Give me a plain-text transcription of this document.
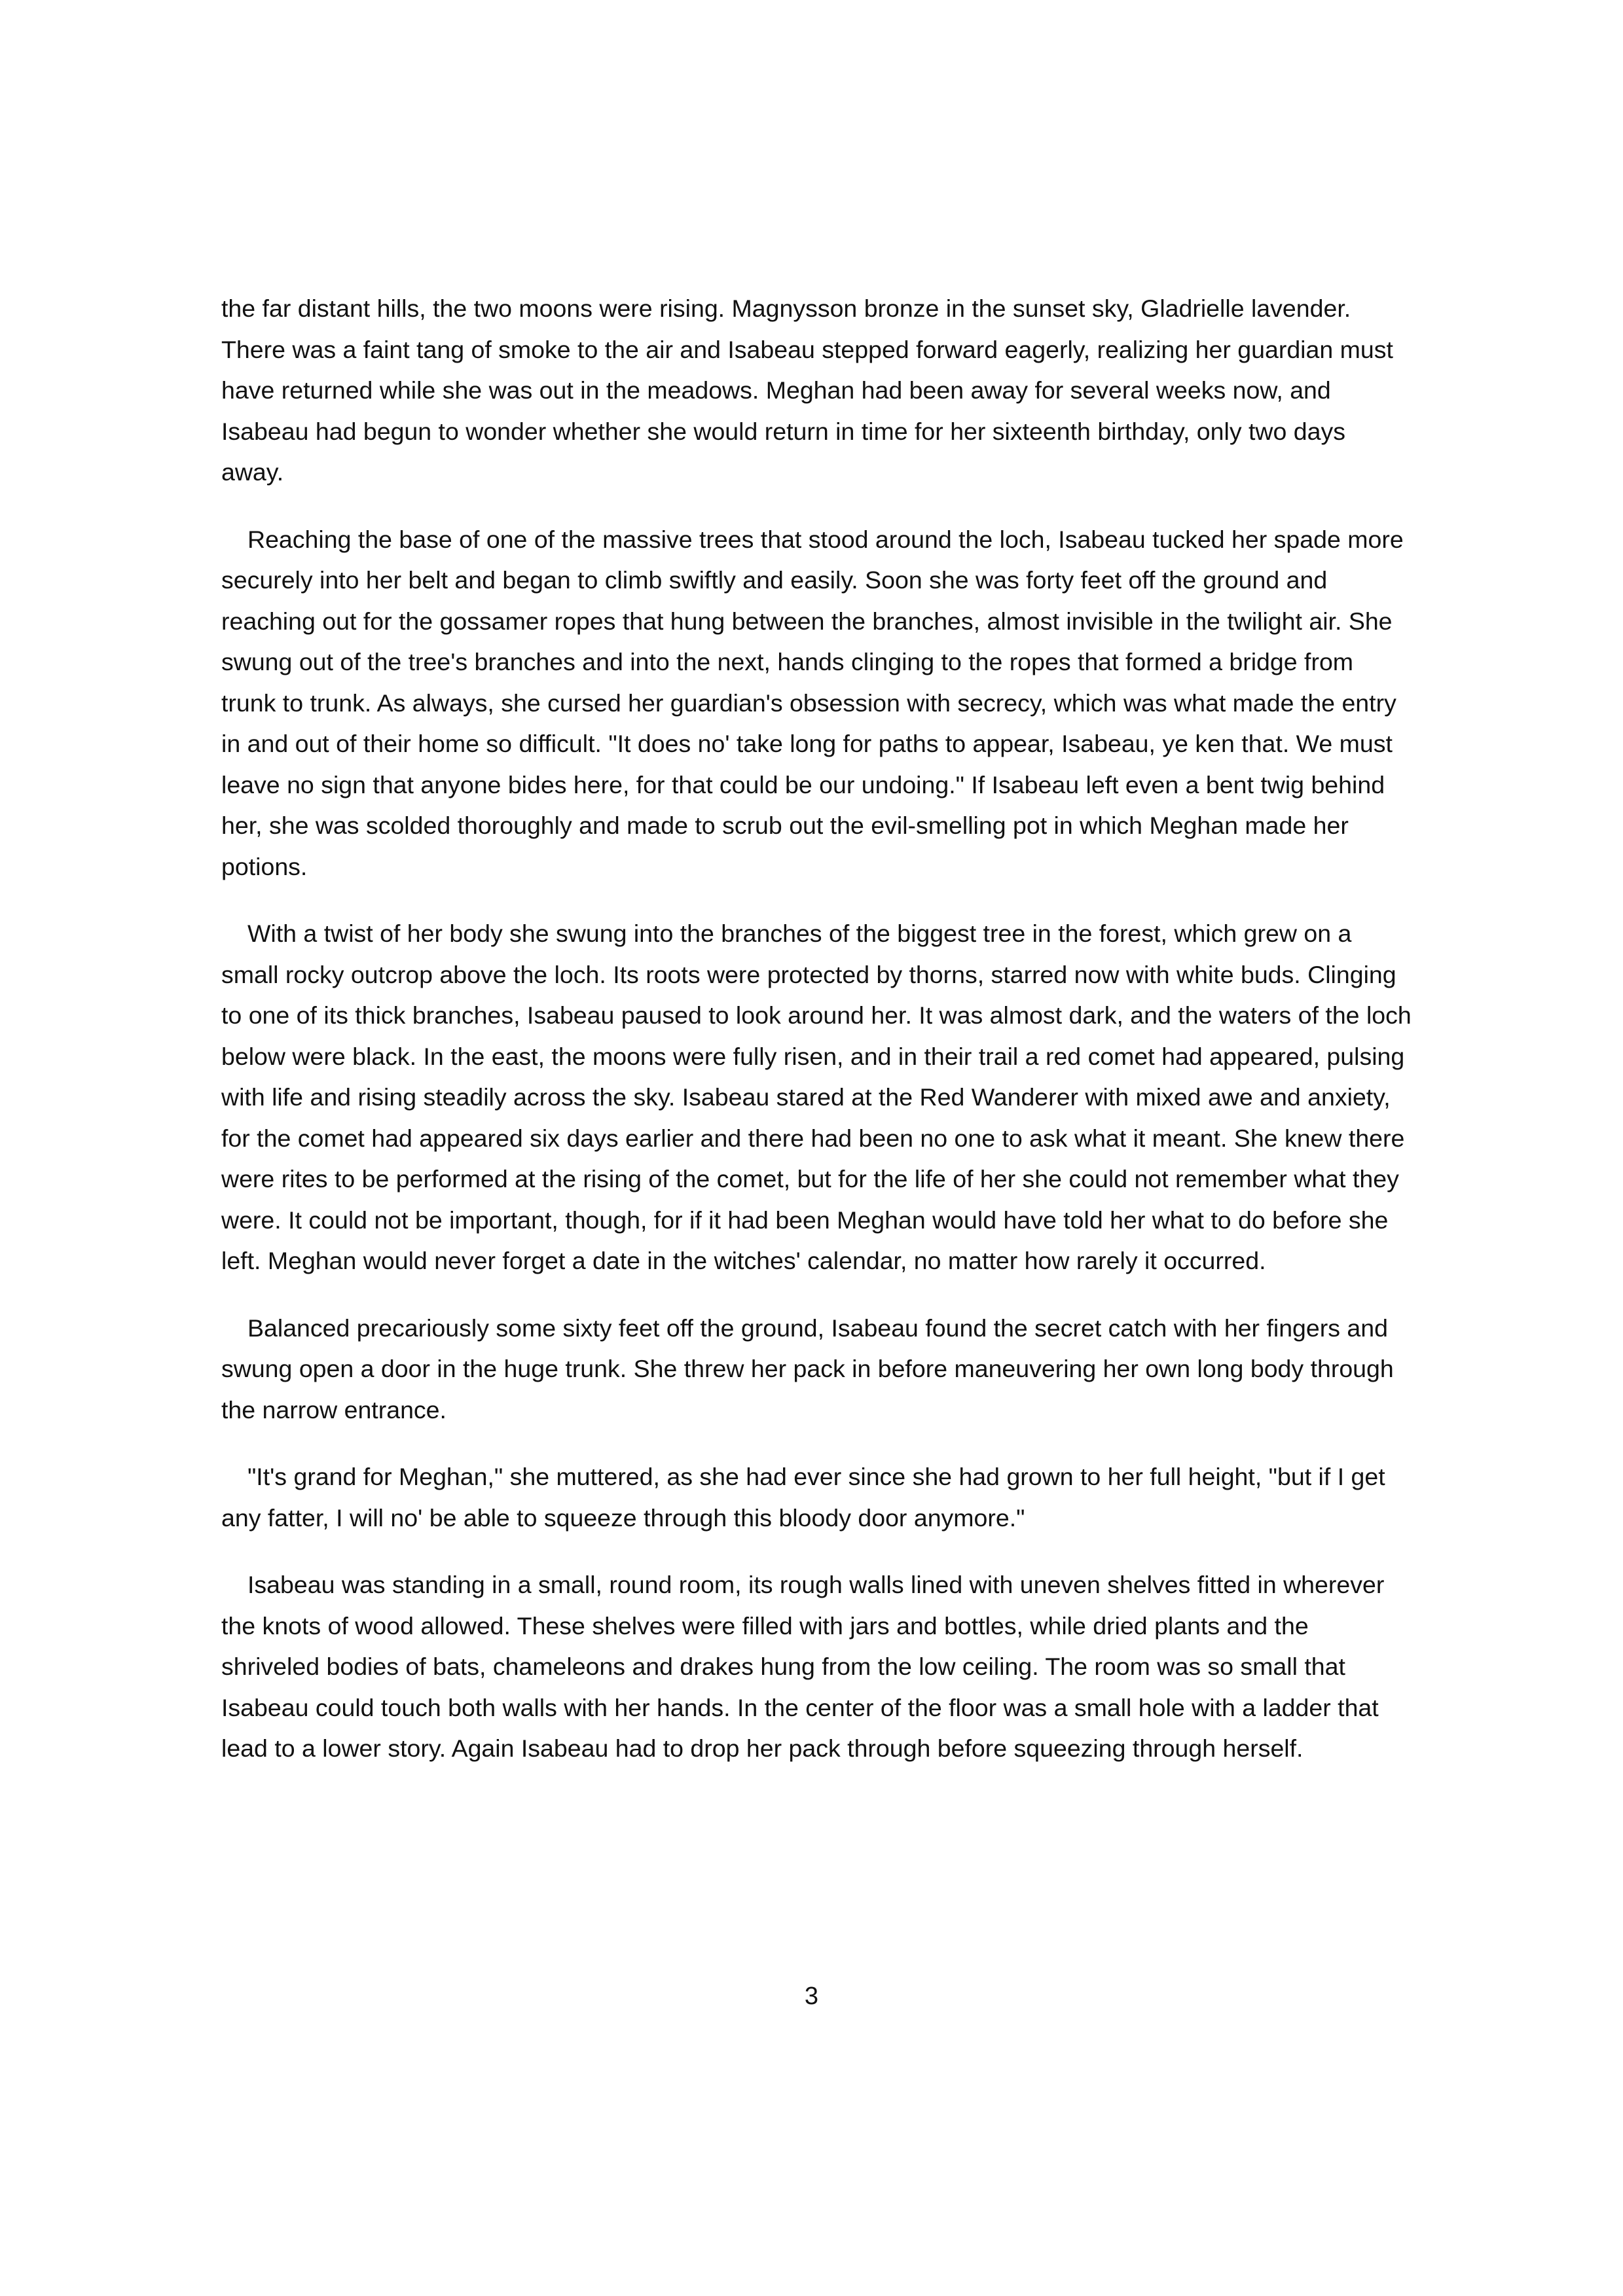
the far distant hills, the two moons were rising. Magnysson bronze in the sunset sky, Gladrielle lavender. There was a faint tang of smoke to the air and Isabeau stepped forward eagerly, realizing her guardian must have returned while she was out in the meadows. Meghan had been away for several weeks now, and Isabeau had begun to wonder whether she would return in time for her sixteenth birthday, only two days away.

Reaching the base of one of the massive trees that stood around the loch, Isabeau tucked her spade more securely into her belt and began to climb swiftly and easily. Soon she was forty feet off the ground and reaching out for the gossamer ropes that hung between the branches, almost invisible in the twilight air. She swung out of the tree's branches and into the next, hands clinging to the ropes that formed a bridge from trunk to trunk. As always, she cursed her guardian's obsession with secrecy, which was what made the entry in and out of their home so difficult. "It does no' take long for paths to appear, Isabeau, ye ken that. We must leave no sign that anyone bides here, for that could be our undoing." If Isabeau left even a bent twig behind her, she was scolded thoroughly and made to scrub out the evil-smelling pot in which Meghan made her potions.

With a twist of her body she swung into the branches of the biggest tree in the forest, which grew on a small rocky outcrop above the loch. Its roots were protected by thorns, starred now with white buds. Clinging to one of its thick branches, Isabeau paused to look around her. It was almost dark, and the waters of the loch below were black. In the east, the moons were fully risen, and in their trail a red comet had appeared, pulsing with life and rising steadily across the sky. Isabeau stared at the Red Wanderer with mixed awe and anxiety, for the comet had appeared six days earlier and there had been no one to ask what it meant. She knew there were rites to be performed at the rising of the comet, but for the life of her she could not remember what they were. It could not be important, though, for if it had been Meghan would have told her what to do before she left. Meghan would never forget a date in the witches' calendar, no matter how rarely it occurred.

Balanced precariously some sixty feet off the ground, Isabeau found the secret catch with her fingers and swung open a door in the huge trunk. She threw her pack in before maneuvering her own long body through the narrow entrance.

"It's grand for Meghan," she muttered, as she had ever since she had grown to her full height, "but if I get any fatter, I will no' be able to squeeze through this bloody door anymore."

Isabeau was standing in a small, round room, its rough walls lined with uneven shelves fitted in wherever the knots of wood allowed. These shelves were filled with jars and bottles, while dried plants and the shriveled bodies of bats, chameleons and drakes hung from the low ceiling. The room was so small that Isabeau could touch both walls with her hands. In the center of the floor was a small hole with a ladder that lead to a lower story. Again Isabeau had to drop her pack through before squeezing through herself.

3
